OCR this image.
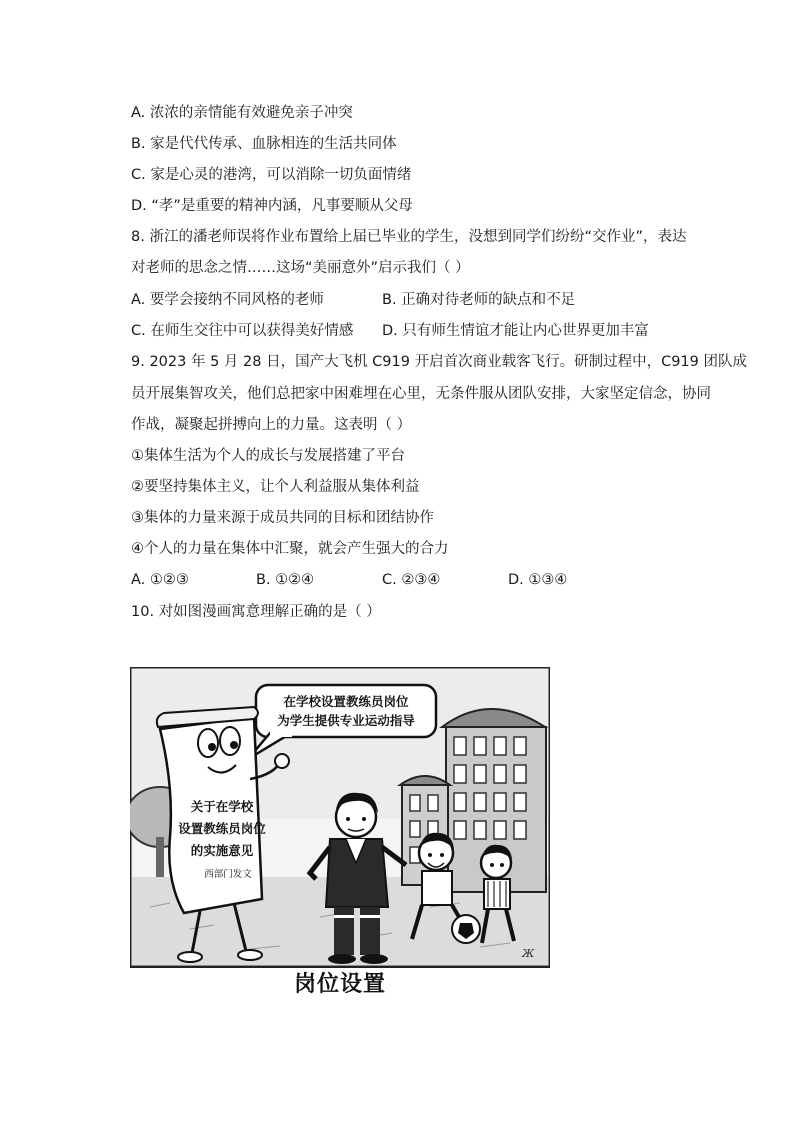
A. 浓浓的亲情能有效避免亲子冲突
B. 家是代代传承、血脉相连的生活共同体
C. 家是心灵的港湾，可以消除一切负面情绪
D. “孝”是重要的精神内涵，凡事要顺从父母
8. 浙江的潘老师误将作业布置给上届已毕业的学生，没想到同学们纷纷“交作业”，表达
对老师的思念之情……这场“美丽意外”启示我们（ ）
A. 要学会接纳不同风格的老师	B. 正确对待老师的缺点和不足
C. 在师生交往中可以获得美好情感 D. 只有师生情谊才能让内心世界更加丰富
9. 2023 年 5 月 28 日，国产大飞机 C919 开启首次商业载客飞行。研制过程中，C919 团队成
员开展集智攻关，他们总把家中困难埋在心里，无条件服从团队安排，大家坚定信念，协同
作战，凝聚起拼搏向上的力量。这表明（ ）
①集体生活为个人的成长与发展搭建了平台
②要坚持集体主义，让个人利益服从集体利益
③集体的力量来源于成员共同的目标和团结协作
④个人的力量在集体中汇聚，就会产生强大的合力
A. ①②③	B. ①②④	C. ②③④	D. ①③④
10. 对如图漫画寓意理解正确的是（ ）
在学校设置教练员岗位
为学生提供专业运动指导
关于在学校
设置教练员岗位
的实施意见
西部门发文
Ж
岗位设置
